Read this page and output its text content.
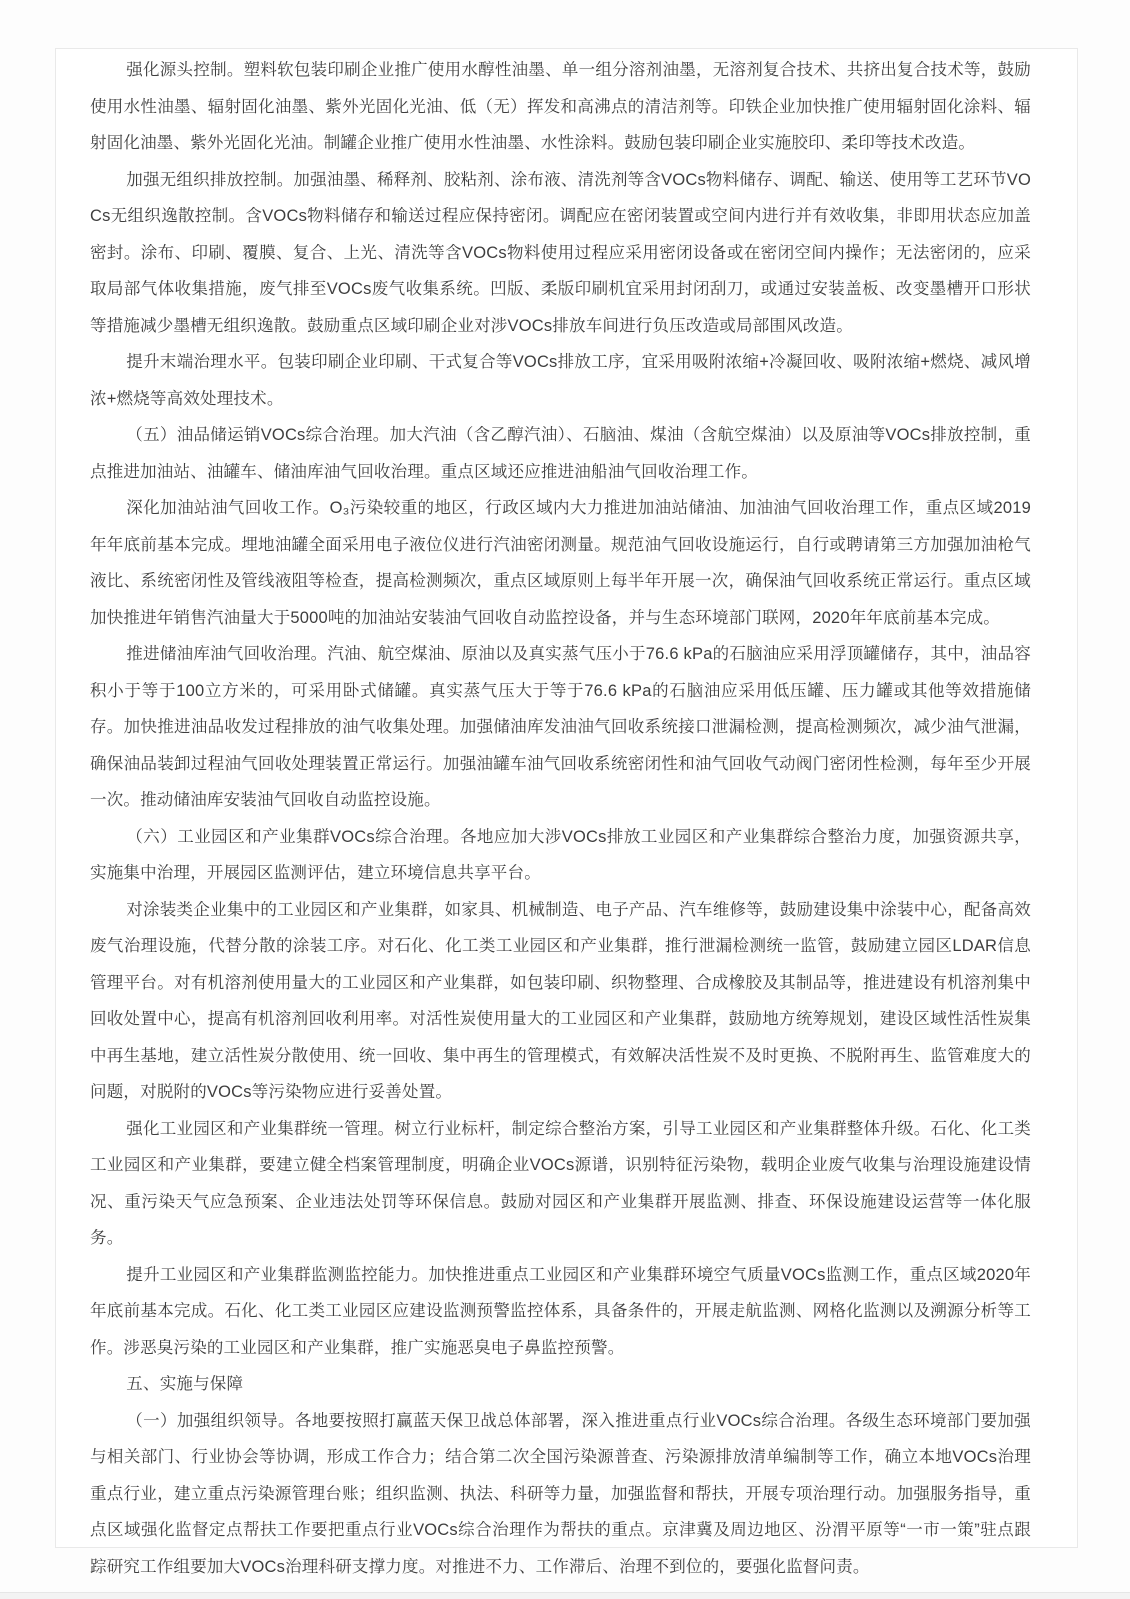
强化源头控制。塑料软包装印刷企业推广使用水醇性油墨、单一组分溶剂油墨，无溶剂复合技术、共挤出复合技术等，鼓励使用水性油墨、辐射固化油墨、紫外光固化光油、低（无）挥发和高沸点的清洁剂等。印铁企业加快推广使用辐射固化涂料、辐射固化油墨、紫外光固化光油。制罐企业推广使用水性油墨、水性涂料。鼓励包装印刷企业实施胶印、柔印等技术改造。

加强无组织排放控制。加强油墨、稀释剂、胶粘剂、涂布液、清洗剂等含VOCs物料储存、调配、输送、使用等工艺环节VOCs无组织逸散控制。含VOCs物料储存和输送过程应保持密闭。调配应在密闭装置或空间内进行并有效收集，非即用状态应加盖密封。涂布、印刷、覆膜、复合、上光、清洗等含VOCs物料使用过程应采用密闭设备或在密闭空间内操作；无法密闭的，应采取局部气体收集措施，废气排至VOCs废气收集系统。凹版、柔版印刷机宜采用封闭刮刀，或通过安装盖板、改变墨槽开口形状等措施减少墨槽无组织逸散。鼓励重点区域印刷企业对涉VOCs排放车间进行负压改造或局部围风改造。

提升末端治理水平。包装印刷企业印刷、干式复合等VOCs排放工序，宜采用吸附浓缩+冷凝回收、吸附浓缩+燃烧、减风增浓+燃烧等高效处理技术。

（五）油品储运销VOCs综合治理。加大汽油（含乙醇汽油）、石脑油、煤油（含航空煤油）以及原油等VOCs排放控制，重点推进加油站、油罐车、储油库油气回收治理。重点区域还应推进油船油气回收治理工作。

深化加油站油气回收工作。O₃污染较重的地区，行政区域内大力推进加油站储油、加油油气回收治理工作，重点区域2019年年底前基本完成。埋地油罐全面采用电子液位仪进行汽油密闭测量。规范油气回收设施运行，自行或聘请第三方加强加油枪气液比、系统密闭性及管线液阻等检查，提高检测频次，重点区域原则上每半年开展一次，确保油气回收系统正常运行。重点区域加快推进年销售汽油量大于5000吨的加油站安装油气回收自动监控设备，并与生态环境部门联网，2020年年底前基本完成。

推进储油库油气回收治理。汽油、航空煤油、原油以及真实蒸气压小于76.6 kPa的石脑油应采用浮顶罐储存，其中，油品容积小于等于100立方米的，可采用卧式储罐。真实蒸气压大于等于76.6 kPa的石脑油应采用低压罐、压力罐或其他等效措施储存。加快推进油品收发过程排放的油气收集处理。加强储油库发油油气回收系统接口泄漏检测，提高检测频次，减少油气泄漏，确保油品装卸过程油气回收处理装置正常运行。加强油罐车油气回收系统密闭性和油气回收气动阀门密闭性检测，每年至少开展一次。推动储油库安装油气回收自动监控设施。

（六）工业园区和产业集群VOCs综合治理。各地应加大涉VOCs排放工业园区和产业集群综合整治力度，加强资源共享，实施集中治理，开展园区监测评估，建立环境信息共享平台。

对涂装类企业集中的工业园区和产业集群，如家具、机械制造、电子产品、汽车维修等，鼓励建设集中涂装中心，配备高效废气治理设施，代替分散的涂装工序。对石化、化工类工业园区和产业集群，推行泄漏检测统一监管，鼓励建立园区LDAR信息管理平台。对有机溶剂使用量大的工业园区和产业集群，如包装印刷、织物整理、合成橡胶及其制品等，推进建设有机溶剂集中回收处置中心，提高有机溶剂回收利用率。对活性炭使用量大的工业园区和产业集群，鼓励地方统筹规划，建设区域性活性炭集中再生基地，建立活性炭分散使用、统一回收、集中再生的管理模式，有效解决活性炭不及时更换、不脱附再生、监管难度大的问题，对脱附的VOCs等污染物应进行妥善处置。

强化工业园区和产业集群统一管理。树立行业标杆，制定综合整治方案，引导工业园区和产业集群整体升级。石化、化工类工业园区和产业集群，要建立健全档案管理制度，明确企业VOCs源谱，识别特征污染物，载明企业废气收集与治理设施建设情况、重污染天气应急预案、企业违法处罚等环保信息。鼓励对园区和产业集群开展监测、排查、环保设施建设运营等一体化服务。

提升工业园区和产业集群监测监控能力。加快推进重点工业园区和产业集群环境空气质量VOCs监测工作，重点区域2020年年底前基本完成。石化、化工类工业园区应建设监测预警监控体系，具备条件的，开展走航监测、网格化监测以及溯源分析等工作。涉恶臭污染的工业园区和产业集群，推广实施恶臭电子鼻监控预警。

五、实施与保障

（一）加强组织领导。各地要按照打赢蓝天保卫战总体部署，深入推进重点行业VOCs综合治理。各级生态环境部门要加强与相关部门、行业协会等协调，形成工作合力；结合第二次全国污染源普查、污染源排放清单编制等工作，确立本地VOCs治理重点行业，建立重点污染源管理台账；组织监测、执法、科研等力量，加强监督和帮扶，开展专项治理行动。加强服务指导，重点区域强化监督定点帮扶工作要把重点行业VOCs综合治理作为帮扶的重点。京津冀及周边地区、汾渭平原等“一市一策”驻点跟踪研究工作组要加大VOCs治理科研支撑力度。对推进不力、工作滞后、治理不到位的，要强化监督问责。
